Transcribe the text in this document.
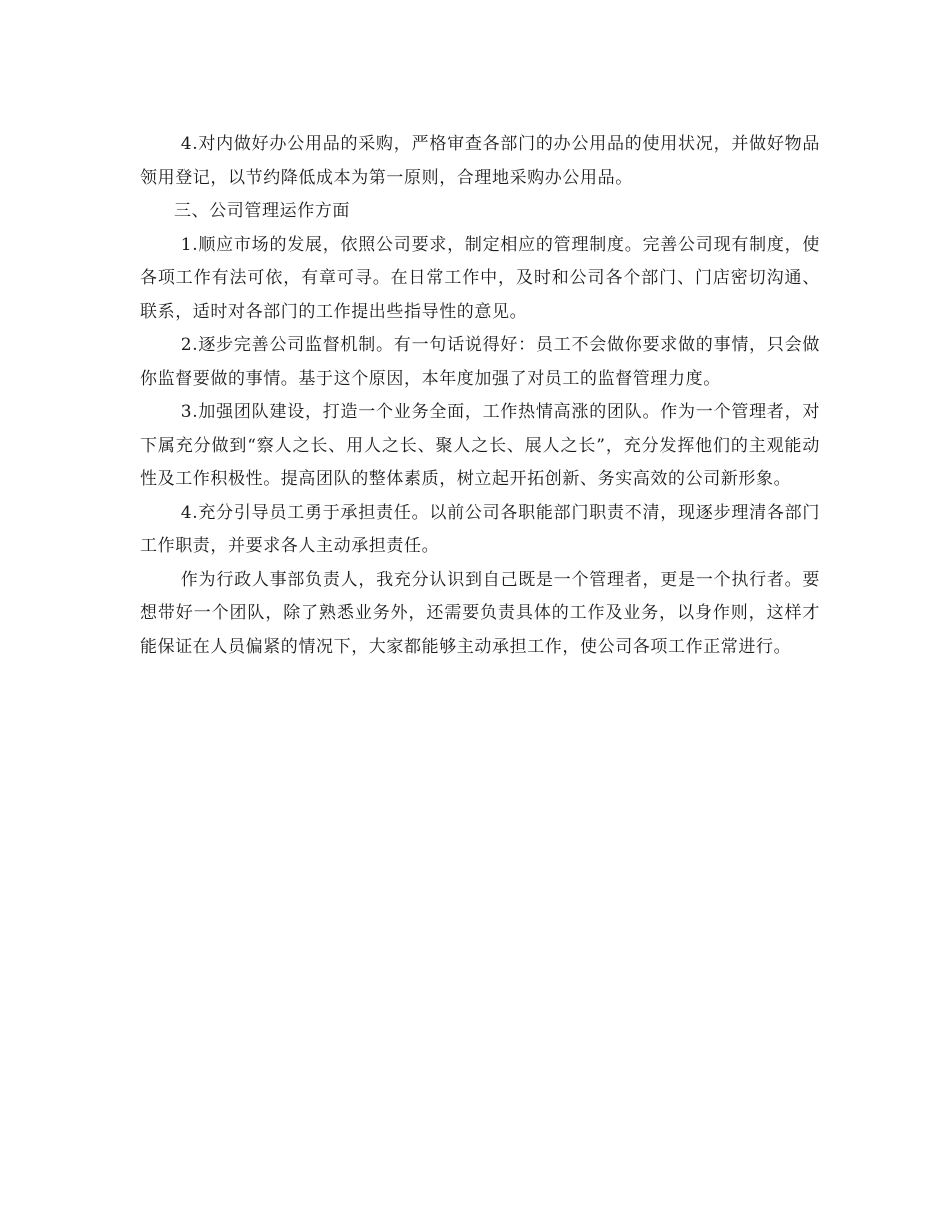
4.对内做好办公用品的采购，严格审查各部门的办公用品的使用状况，并做好物品领用登记，以节约降低成本为第一原则，合理地采购办公用品。

三、公司管理运作方面

1.顺应市场的发展，依照公司要求，制定相应的管理制度。完善公司现有制度，使各项工作有法可依，有章可寻。在日常工作中，及时和公司各个部门、门店密切沟通、联系，适时对各部门的工作提出些指导性的意见。

2.逐步完善公司监督机制。有一句话说得好：员工不会做你要求做的事情，只会做你监督要做的事情。基于这个原因，本年度加强了对员工的监督管理力度。

3.加强团队建设，打造一个业务全面，工作热情高涨的团队。作为一个管理者，对下属充分做到“察人之长、用人之长、聚人之长、展人之长”，充分发挥他们的主观能动性及工作积极性。提高团队的整体素质，树立起开拓创新、务实高效的公司新形象。

4.充分引导员工勇于承担责任。以前公司各职能部门职责不清，现逐步理清各部门工作职责，并要求各人主动承担责任。

作为行政人事部负责人，我充分认识到自己既是一个管理者，更是一个执行者。要想带好一个团队，除了熟悉业务外，还需要负责具体的工作及业务，以身作则，这样才能保证在人员偏紧的情况下，大家都能够主动承担工作，使公司各项工作正常进行。
